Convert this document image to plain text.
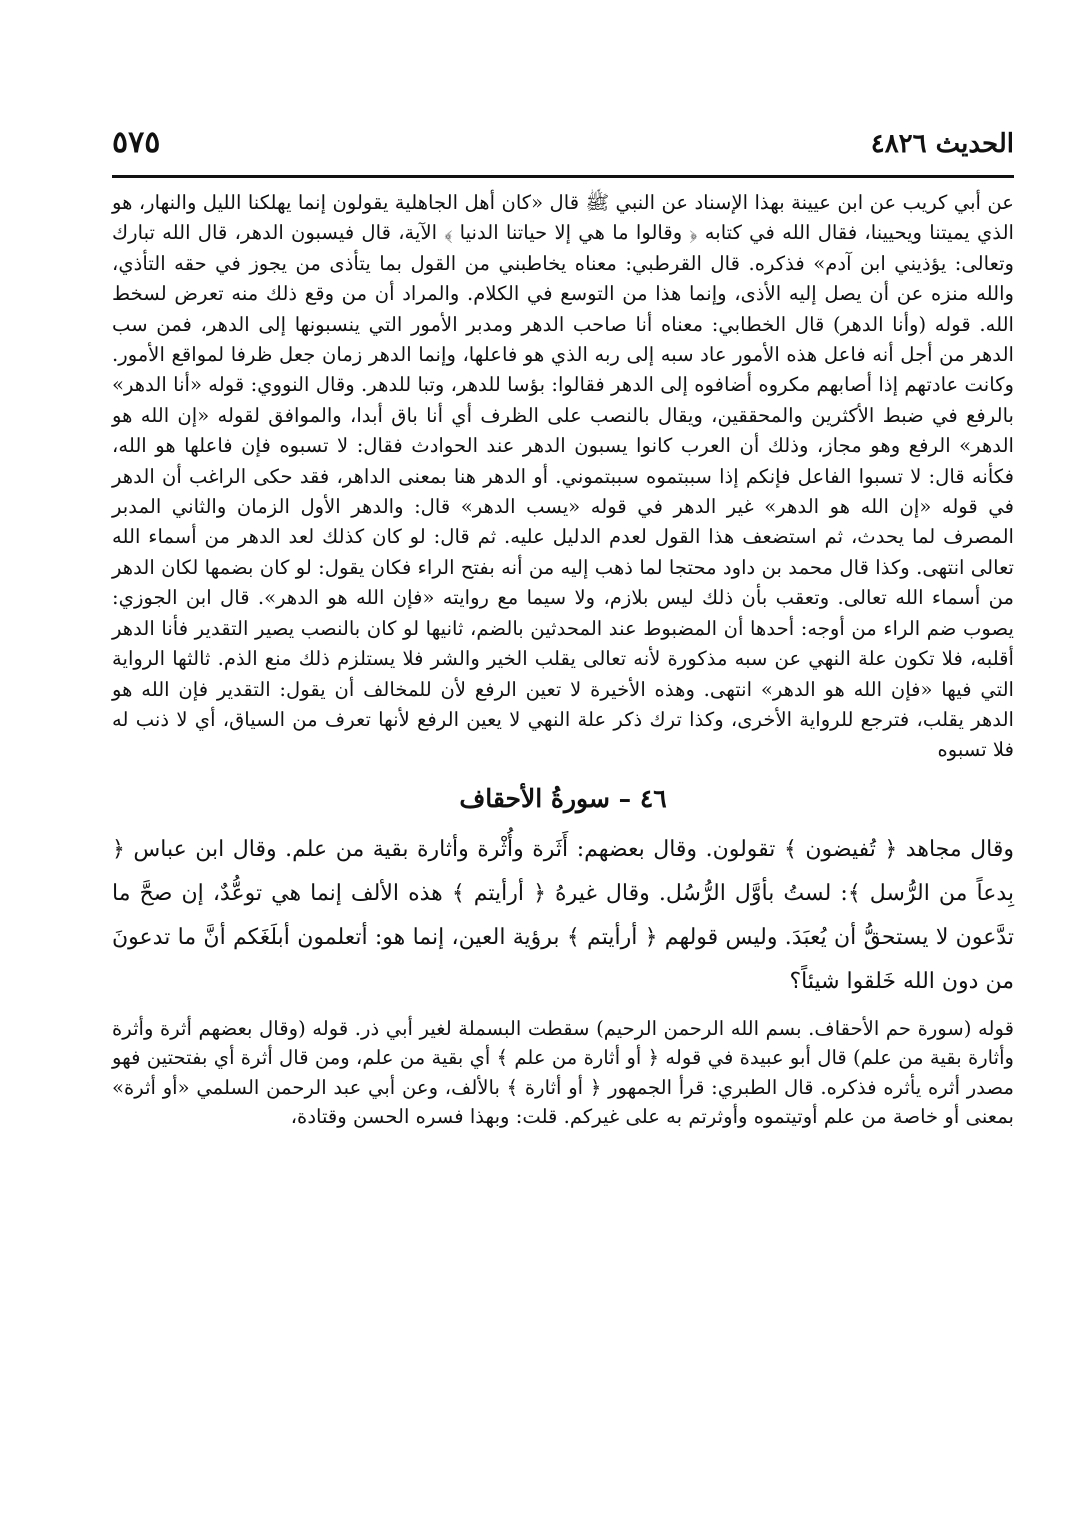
الحديث ٤٨٢٦
٥٧٥

عن أبي كريب عن ابن عيينة بهذا الإسناد عن النبي ﷺ قال «كان أهل الجاهلية يقولون إنما يهلكنا الليل والنهار، هو الذي يميتنا ويحيينا، فقال الله في كتابه ﴿ وقالوا ما هي إلا حياتنا الدنيا ﴾ الآية، قال فيسبون الدهر، قال الله تبارك وتعالى: يؤذيني ابن آدم» فذكره. قال القرطبي: معناه يخاطبني من القول بما يتأذى من يجوز في حقه التأذي، والله منزه عن أن يصل إليه الأذى، وإنما هذا من التوسع في الكلام. والمراد أن من وقع ذلك منه تعرض لسخط الله. قوله (وأنا الدهر) قال الخطابي: معناه أنا صاحب الدهر ومدبر الأمور التي ينسبونها إلى الدهر، فمن سب الدهر من أجل أنه فاعل هذه الأمور عاد سبه إلى ربه الذي هو فاعلها، وإنما الدهر زمان جعل ظرفا لمواقع الأمور. وكانت عادتهم إذا أصابهم مكروه أضافوه إلى الدهر فقالوا: بؤسا للدهر، وتبا للدهر. وقال النووي: قوله «أنا الدهر» بالرفع في ضبط الأكثرين والمحققين، ويقال بالنصب على الظرف أي أنا باق أبدا، والموافق لقوله «إن الله هو الدهر» الرفع وهو مجاز، وذلك أن العرب كانوا يسبون الدهر عند الحوادث فقال: لا تسبوه فإن فاعلها هو الله، فكأنه قال: لا تسبوا الفاعل فإنكم إذا سببتموه سببتموني. أو الدهر هنا بمعنى الداهر، فقد حكى الراغب أن الدهر في قوله «إن الله هو الدهر» غير الدهر في قوله «يسب الدهر» قال: والدهر الأول الزمان والثاني المدبر المصرف لما يحدث، ثم استضعف هذا القول لعدم الدليل عليه. ثم قال: لو كان كذلك لعد الدهر من أسماء الله تعالى انتهى. وكذا قال محمد بن داود محتجا لما ذهب إليه من أنه بفتح الراء فكان يقول: لو كان بضمها لكان الدهر من أسماء الله تعالى. وتعقب بأن ذلك ليس بلازم، ولا سيما مع روايته «فإن الله هو الدهر». قال ابن الجوزي: يصوب ضم الراء من أوجه: أحدها أن المضبوط عند المحدثين بالضم، ثانيها لو كان بالنصب يصير التقدير فأنا الدهر أقلبه، فلا تكون علة النهي عن سبه مذكورة لأنه تعالى يقلب الخير والشر فلا يستلزم ذلك منع الذم. ثالثها الرواية التي فيها «فإن الله هو الدهر» انتهى. وهذه الأخيرة لا تعين الرفع لأن للمخالف أن يقول: التقدير فإن الله هو الدهر يقلب، فترجع للرواية الأخرى، وكذا ترك ذكر علة النهي لا يعين الرفع لأنها تعرف من السياق، أي لا ذنب له فلا تسبوه

٤٦ – سورةُ الأحقاف

وقال مجاهد ﴿ تُفيضون ﴾ تقولون. وقال بعضهم: أَثَرة وأُثْرة وأثارة بقية من علم. وقال ابن عباس ﴿ بِدعاً من الرُّسل ﴾: لستُ بأوَّل الرُّسُل. وقال غيرهُ ﴿ أرأيتم ﴾ هذه الألف إنما هي توعُّدٌ، إن صحَّ ما تدَّعون لا يستحقُّ أن يُعبَدَ. وليس قولهم ﴿ أرأيتم ﴾ برؤية العين، إنما هو: أتعلمون أبلَغَكم أنَّ ما تدعونَ من دون الله خَلقوا شيئاً؟

قوله (سورة حم الأحقاف. بسم الله الرحمن الرحيم) سقطت البسملة لغير أبي ذر. قوله (وقال بعضهم أثرة وأثرة وأثارة بقية من علم) قال أبو عبيدة في قوله ﴿ أو أثارة من علم ﴾ أي بقية من علم، ومن قال أثرة أي بفتحتين فهو مصدر أثره يأثره فذكره. قال الطبري: قرأ الجمهور ﴿ أو أثارة ﴾ بالألف، وعن أبي عبد الرحمن السلمي «أو أثرة» بمعنى أو خاصة من علم أوتيتموه وأوثرتم به على غيركم. قلت: وبهذا فسره الحسن وقتادة،
